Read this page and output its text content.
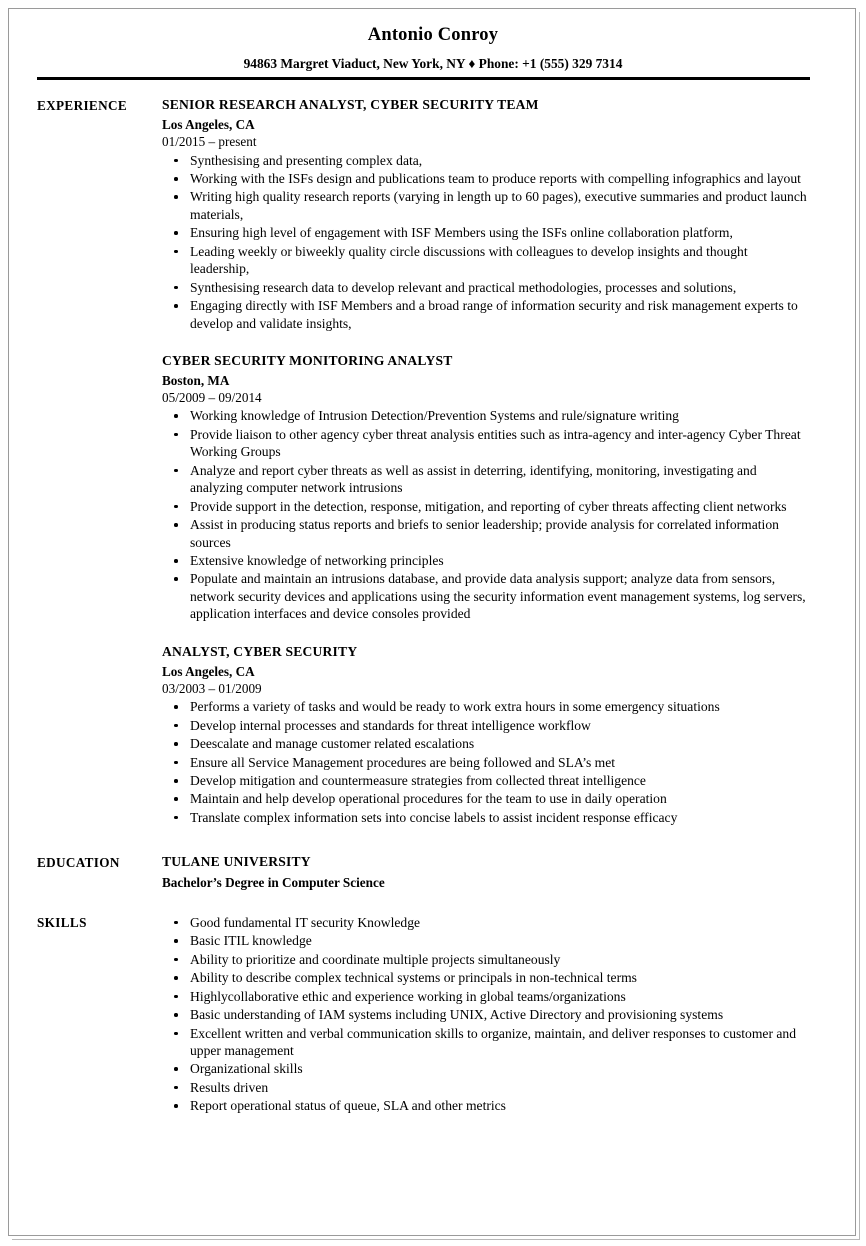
Antonio Conroy
94863 Margret Viaduct, New York, NY ♦ Phone: +1 (555) 329 7314
EXPERIENCE	SENIOR RESEARCH ANALYST, CYBER SECURITY TEAM
Los Angeles, CA
01/2015 – present
Synthesising and presenting complex data,
Working with the ISFs design and publications team to produce reports with compelling infographics and layout
Writing high quality research reports (varying in length up to 60 pages), executive summaries and product launch materials,
Ensuring high level of engagement with ISF Members using the ISFs online collaboration platform,
Leading weekly or biweekly quality circle discussions with colleagues to develop insights and thought leadership,
Synthesising research data to develop relevant and practical methodologies, processes and solutions,
Engaging directly with ISF Members and a broad range of information security and risk management experts to develop and validate insights,
CYBER SECURITY MONITORING ANALYST
Boston, MA
05/2009 – 09/2014
Working knowledge of Intrusion Detection/Prevention Systems and rule/signature writing
Provide liaison to other agency cyber threat analysis entities such as intra-agency and inter-agency Cyber Threat Working Groups
Analyze and report cyber threats as well as assist in deterring, identifying, monitoring, investigating and analyzing computer network intrusions
Provide support in the detection, response, mitigation, and reporting of cyber threats affecting client networks
Assist in producing status reports and briefs to senior leadership; provide analysis for correlated information sources
Extensive knowledge of networking principles
Populate and maintain an intrusions database, and provide data analysis support; analyze data from sensors, network security devices and applications using the security information event management systems, log servers, application interfaces and device consoles provided
ANALYST, CYBER SECURITY
Los Angeles, CA
03/2003 – 01/2009
Performs a variety of tasks and would be ready to work extra hours in some emergency situations
Develop internal processes and standards for threat intelligence workflow
Deescalate and manage customer related escalations
Ensure all Service Management procedures are being followed and SLA’s met
Develop mitigation and countermeasure strategies from collected threat intelligence
Maintain and help develop operational procedures for the team to use in daily operation
Translate complex information sets into concise labels to assist incident response efficacy
EDUCATION	TULANE UNIVERSITY
Bachelor’s Degree in Computer Science
SKILLS	Good fundamental IT security Knowledge
Basic ITIL knowledge
Ability to prioritize and coordinate multiple projects simultaneously
Ability to describe complex technical systems or principals in non-technical terms
Highlycollaborative ethic and experience working in global teams/organizations
Basic understanding of IAM systems including UNIX, Active Directory and provisioning systems
Excellent written and verbal communication skills to organize, maintain, and deliver responses to customer and upper management
Organizational skills
Results driven
Report operational status of queue, SLA and other metrics
